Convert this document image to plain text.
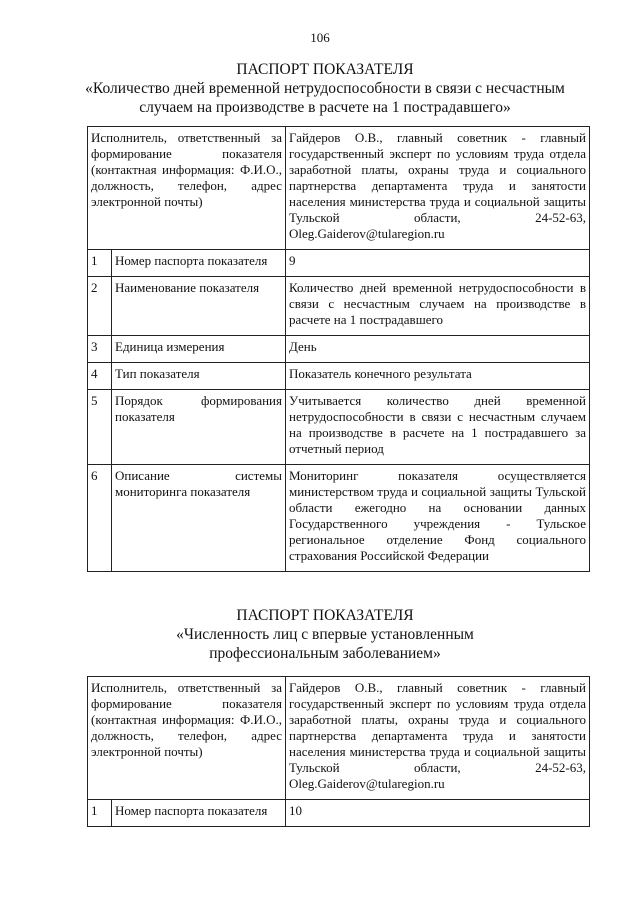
106
ПАСПОРТ ПОКАЗАТЕЛЯ
«Количество дней временной нетрудоспособности в связи с несчастным случаем на производстве в расчете на 1 пострадавшего»
Исполнитель, ответственный за формирование показателя (контактная информация: Ф.И.О., должность, телефон, адрес электронной почты)		Гайдеров О.В., главный советник - главный государственный эксперт по условиям труда отдела заработной платы, охраны труда и социального партнерства департамента труда и занятости населения министерства труда и социальной защиты Тульской области, 24-52-63, Oleg.Gaiderov@tularegion.ru
1	Номер паспорта показателя	9
2	Наименование показателя	Количество дней временной нетрудоспособности в связи с несчастным случаем на производстве в расчете на 1 пострадавшего
3	Единица измерения	День
4	Тип показателя	Показатель конечного результата
5	Порядок формирования показателя	Учитывается количество дней временной нетрудоспособности в связи с несчастным случаем на производстве в расчете на 1 пострадавшего за отчетный период
6	Описание системы мониторинга показателя	Мониторинг показателя осуществляется министерством труда и социальной защиты Тульской области ежегодно на основании данных Государственного учреждения - Тульское региональное отделение Фонд социального страхования Российской Федерации
ПАСПОРТ ПОКАЗАТЕЛЯ
«Численность лиц с впервые установленным профессиональным заболеванием»
Исполнитель, ответственный за формирование показателя (контактная информация: Ф.И.О., должность, телефон, адрес электронной почты)		Гайдеров О.В., главный советник - главный государственный эксперт по условиям труда отдела заработной платы, охраны труда и социального партнерства департамента труда и занятости населения министерства труда и социальной защиты Тульской области, 24-52-63, Oleg.Gaiderov@tularegion.ru
1	Номер паспорта показателя	10
